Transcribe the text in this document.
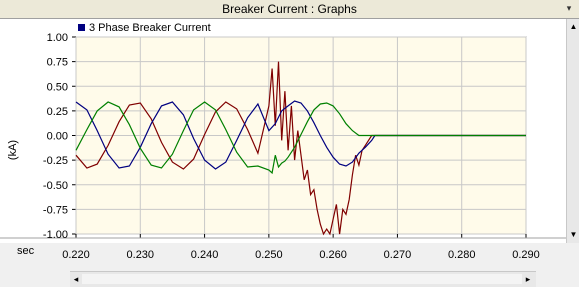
Breaker Current : Graphs	▾
1.00
0.75
0.50
0.25
0.00
-0.25
-0.50
-0.75
-1.00
0.220	0.230	0.240	0.250	0.260	0.270	0.280	0.290
3 Phase Breaker Current
(kA)
sec
▲
▼
◂	▸
